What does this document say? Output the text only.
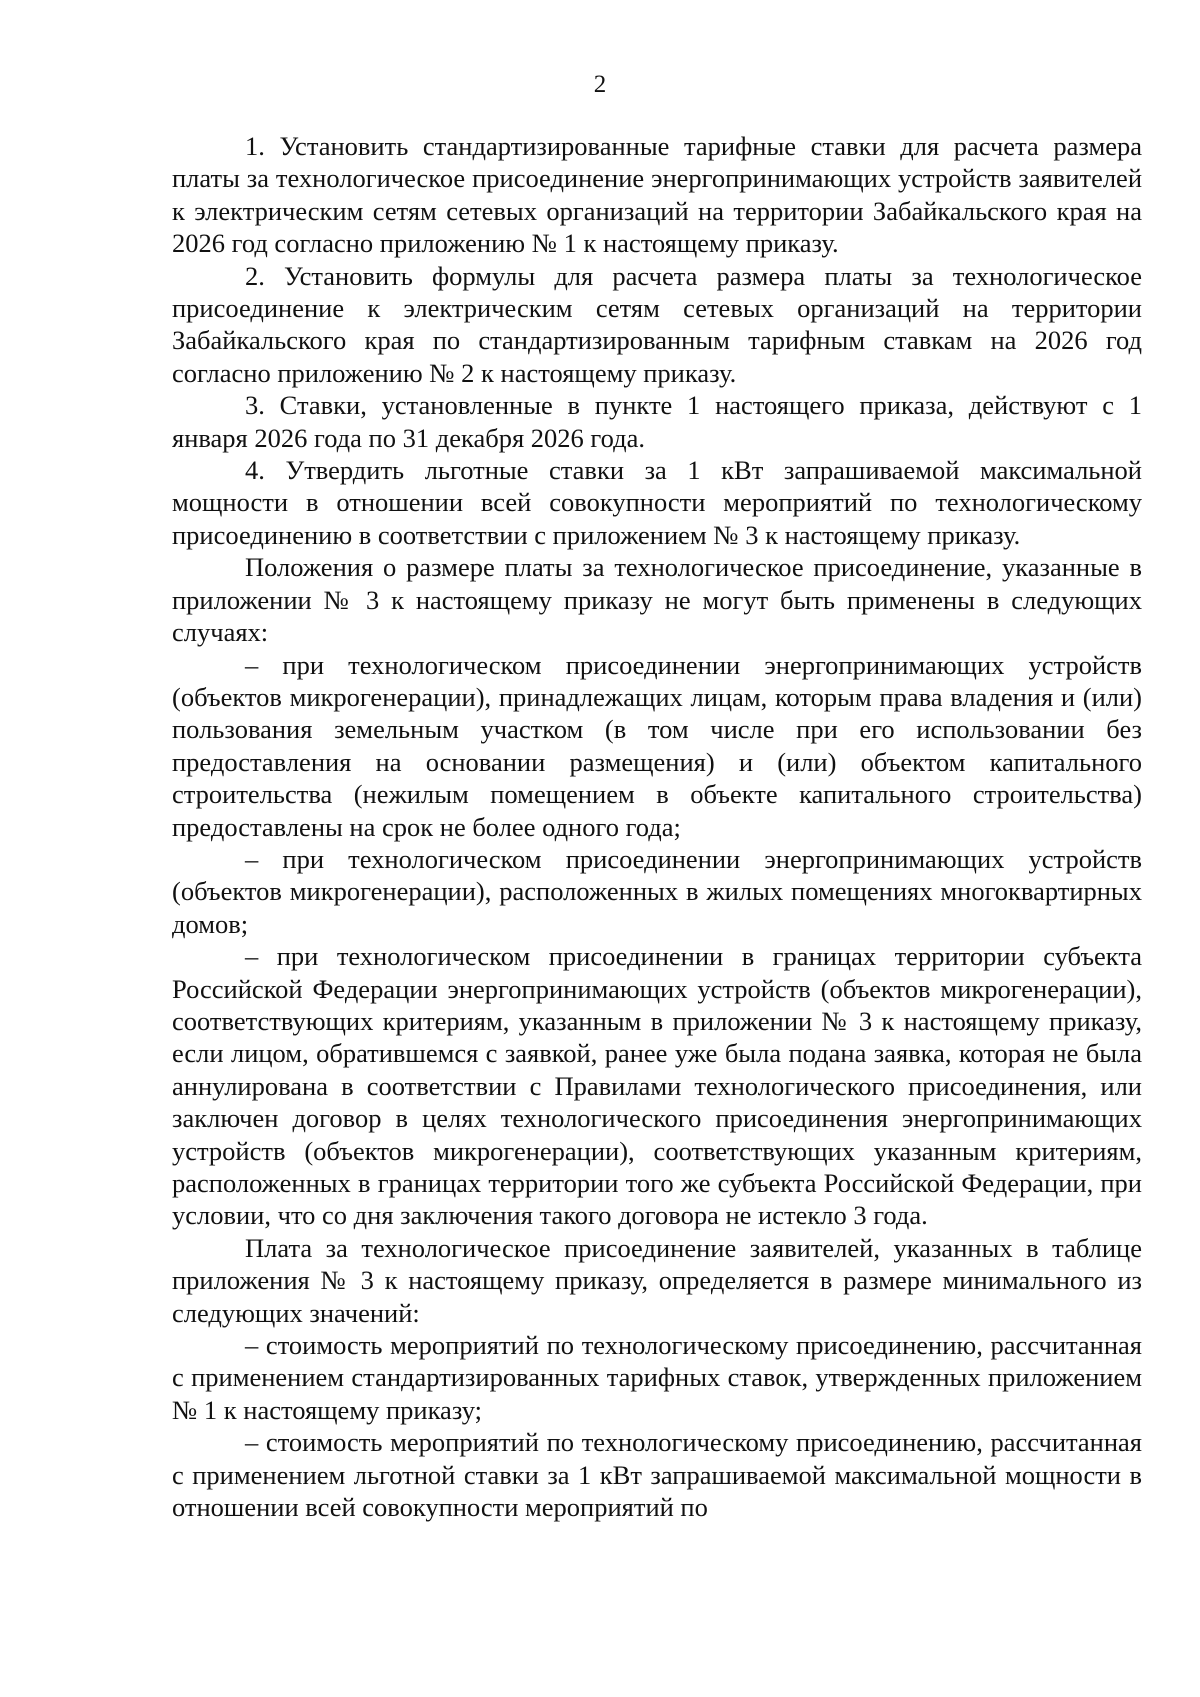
2

1. Установить стандартизированные тарифные ставки для расчета размера платы за технологическое присоединение энергопринимающих устройств заявителей к электрическим сетям сетевых организаций на территории Забайкальского края на 2026 год согласно приложению № 1 к настоящему приказу.

2. Установить формулы для расчета размера платы за технологическое присоединение к электрическим сетям сетевых организаций на территории Забайкальского края по стандартизированным тарифным ставкам на 2026 год согласно приложению № 2 к настоящему приказу.

3. Ставки, установленные в пункте 1 настоящего приказа, действуют с 1 января 2026 года по 31 декабря 2026 года.

4. Утвердить льготные ставки за 1 кВт запрашиваемой максимальной мощности в отношении всей совокупности мероприятий по технологическому присоединению в соответствии с приложением № 3 к настоящему приказу.

Положения о размере платы за технологическое присоединение, указанные в приложении № 3 к настоящему приказу не могут быть применены в следующих случаях:

– при технологическом присоединении энергопринимающих устройств (объектов микрогенерации), принадлежащих лицам, которым права владения и (или) пользования земельным участком (в том числе при его использовании без предоставления на основании размещения) и (или) объектом капитального строительства (нежилым помещением в объекте капитального строительства) предоставлены на срок не более одного года;

– при технологическом присоединении энергопринимающих устройств (объектов микрогенерации), расположенных в жилых помещениях многоквартирных домов;

– при технологическом присоединении в границах территории субъекта Российской Федерации энергопринимающих устройств (объектов микрогенерации), соответствующих критериям, указанным в приложении № 3 к настоящему приказу, если лицом, обратившемся с заявкой, ранее уже была подана заявка, которая не была аннулирована в соответствии с Правилами технологического присоединения, или заключен договор в целях технологического присоединения энергопринимающих устройств (объектов микрогенерации), соответствующих указанным критериям, расположенных в границах территории того же субъекта Российской Федерации, при условии, что со дня заключения такого договора не истекло 3 года.

Плата за технологическое присоединение заявителей, указанных в таблице приложения № 3 к настоящему приказу, определяется в размере минимального из следующих значений:

– стоимость мероприятий по технологическому присоединению, рассчитанная с применением стандартизированных тарифных ставок, утвержденных приложением № 1 к настоящему приказу;

– стоимость мероприятий по технологическому присоединению, рассчитанная с применением льготной ставки за 1 кВт запрашиваемой максимальной мощности в отношении всей совокупности мероприятий по
